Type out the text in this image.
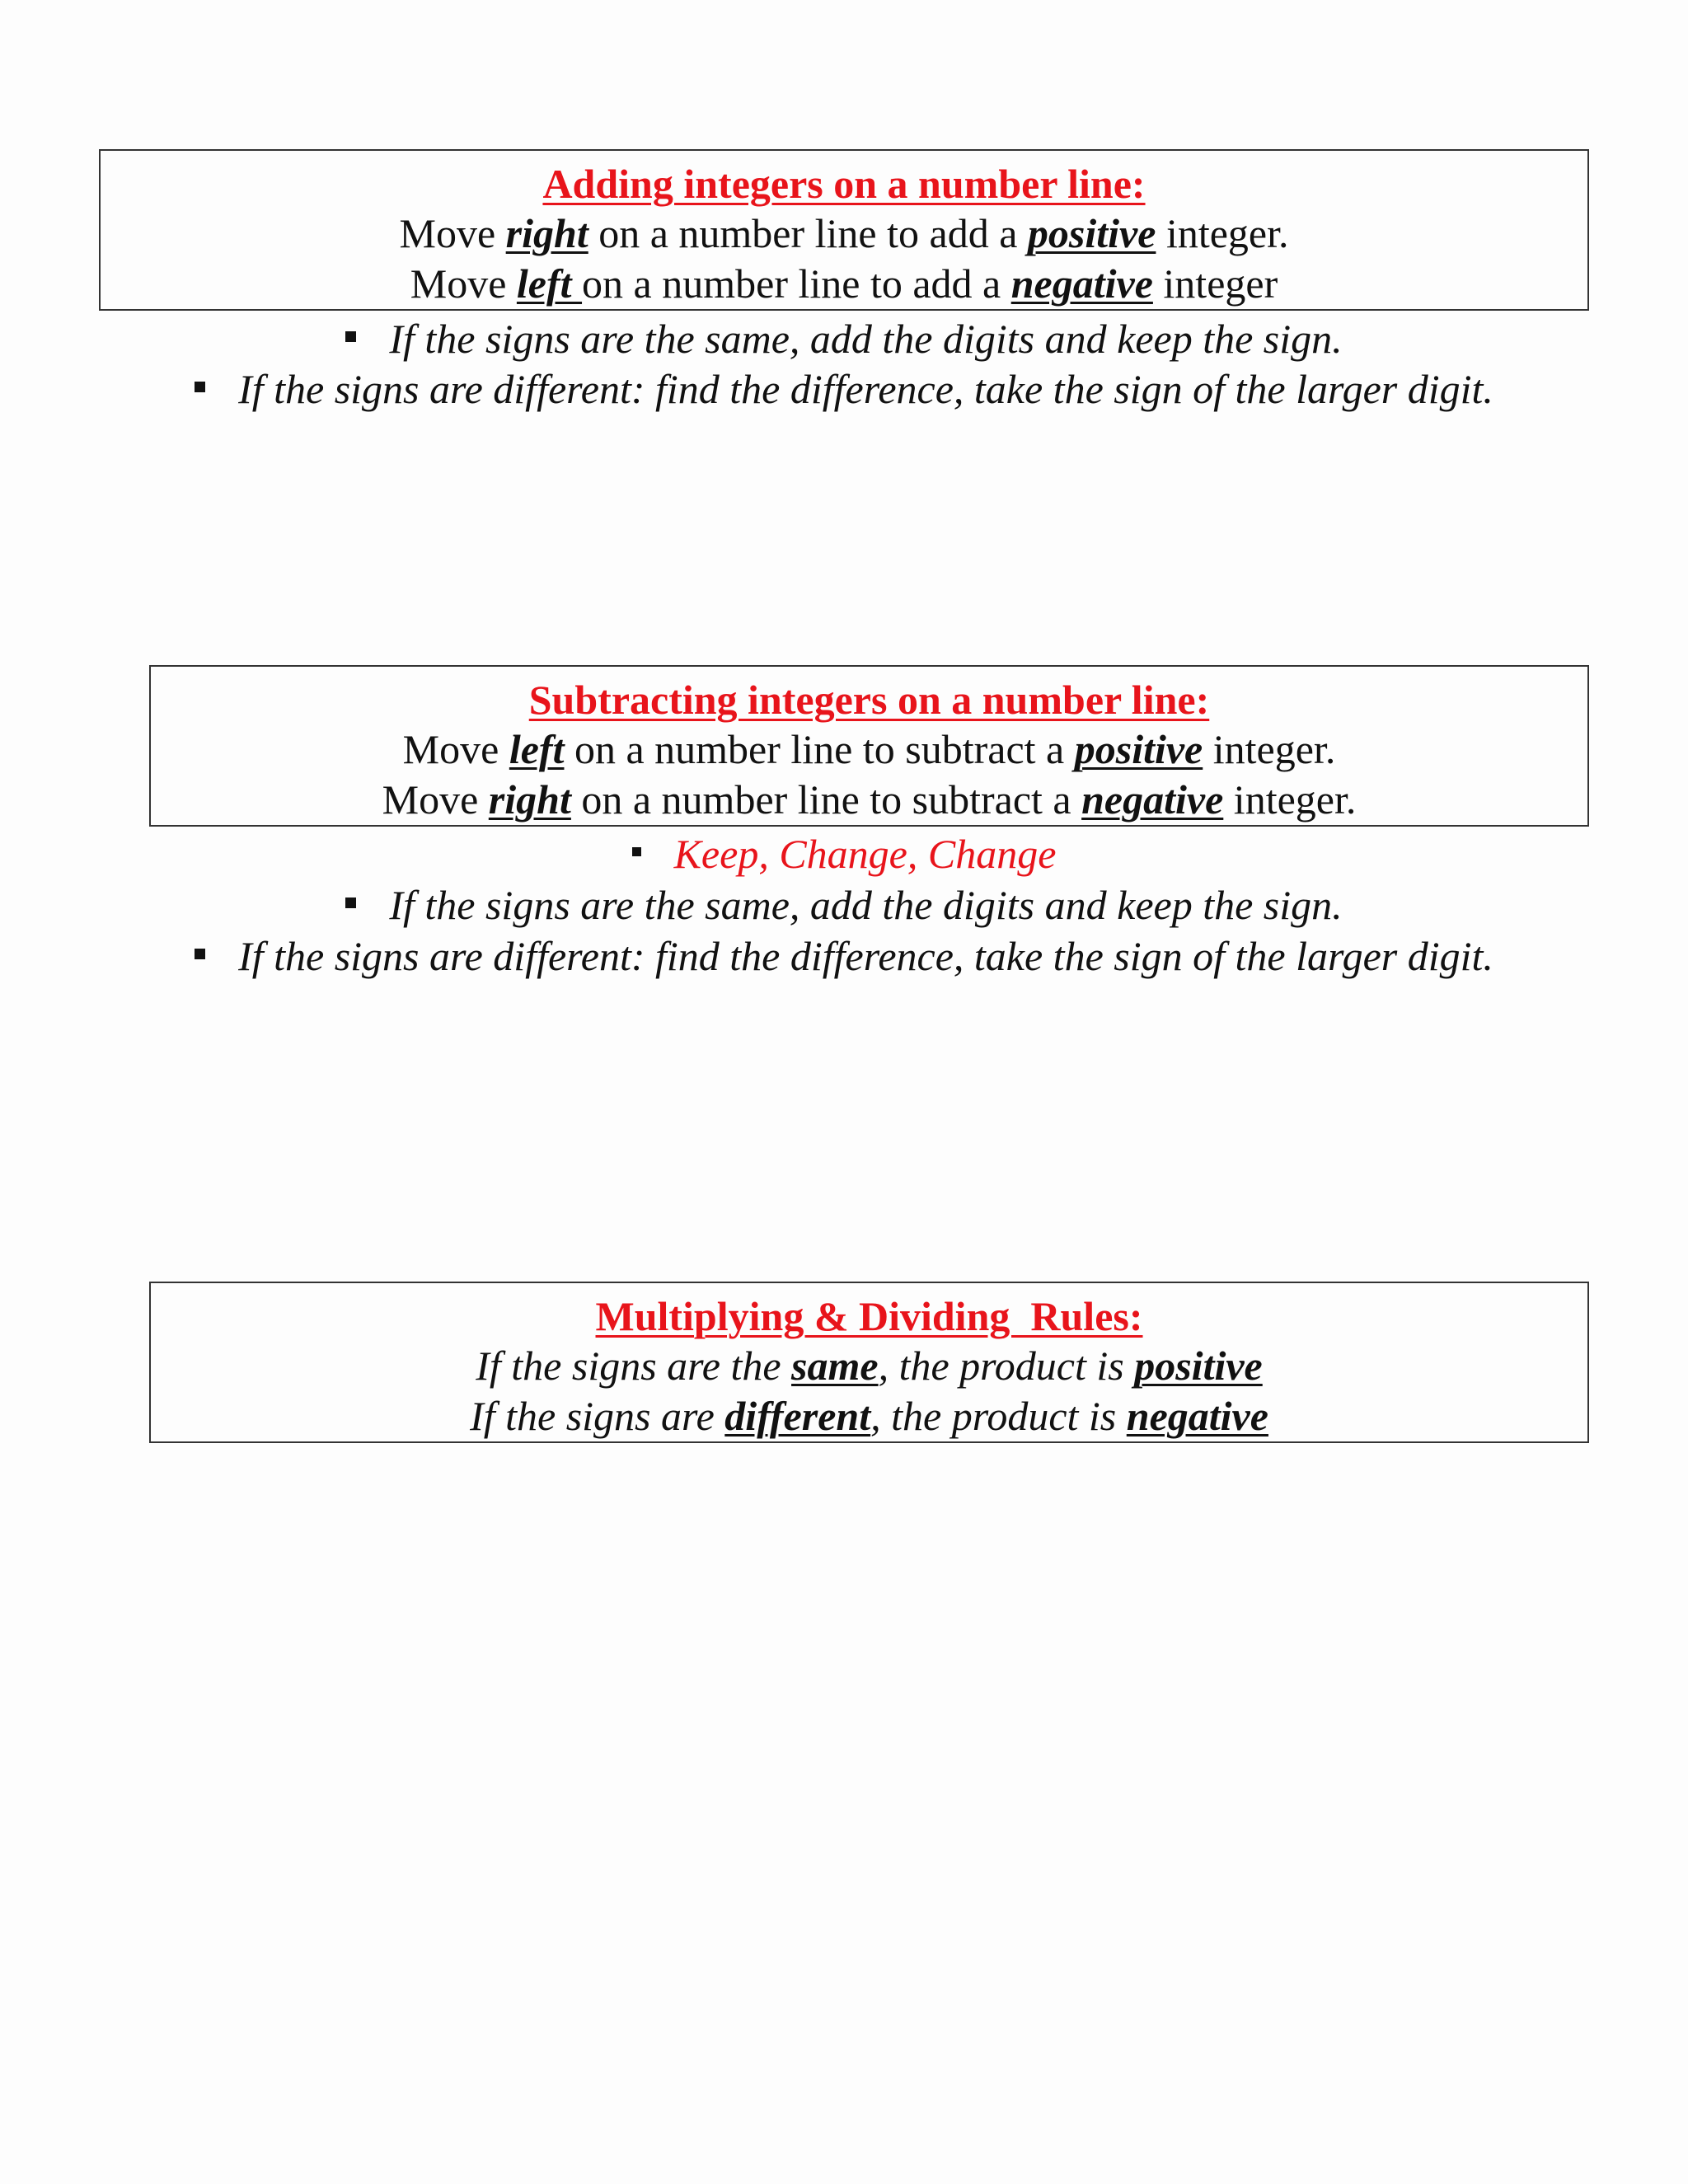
Adding integers on a number line:
Move right on a number line to add a positive integer.
Move left on a number line to add a negative integer
If the signs are the same, add the digits and keep the sign.
If the signs are different: find the difference, take the sign of the larger digit.
Subtracting integers on a number line:
Move left on a number line to subtract a positive integer.
Move right on a number line to subtract a negative integer.
Keep, Change, Change
If the signs are the same, add the digits and keep the sign.
If the signs are different: find the difference, take the sign of the larger digit.
Multiplying & Dividing  Rules:
If the signs are the same, the product is positive
If the signs are different, the product is negative
